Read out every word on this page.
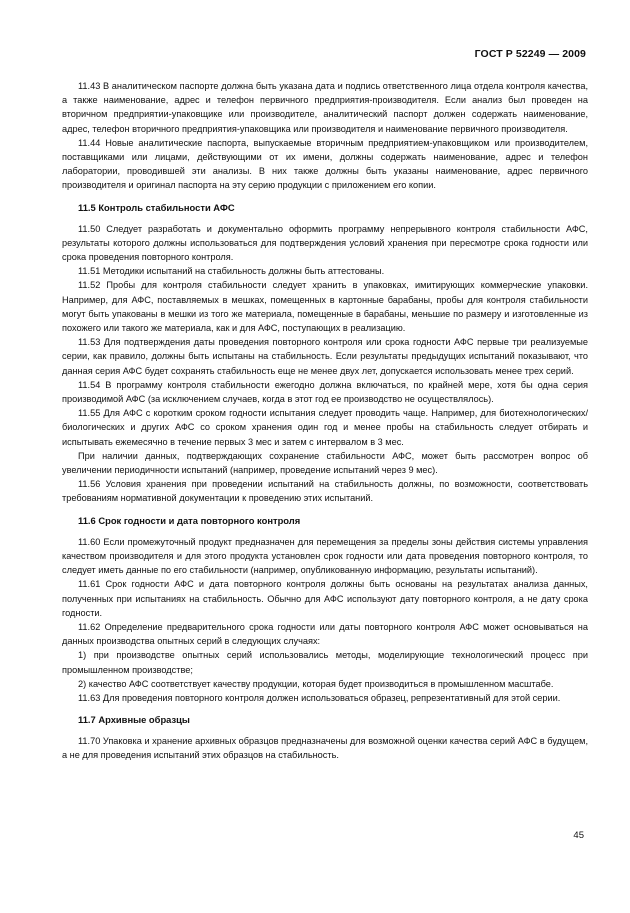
ГОСТ Р 52249 — 2009

11.43 В аналитическом паспорте должна быть указана дата и подпись ответственного лица отдела контроля качества, а также наименование, адрес и телефон первичного предприятия-производителя. Если анализ был проведен на вторичном предприятии-упаковщике или производителе, аналитический паспорт должен содержать наименование, адрес, телефон вторичного предприятия-упаковщика или производителя и наименование первичного производителя.

11.44 Новые аналитические паспорта, выпускаемые вторичным предприятием-упаковщиком или производителем, поставщиками или лицами, действующими от их имени, должны содержать наименование, адрес и телефон лаборатории, проводившей эти анализы. В них также должны быть указаны наименование, адрес первичного производителя и оригинал паспорта на эту серию продукции с приложением его копии.

11.5 Контроль стабильности АФС

11.50 Следует разработать и документально оформить программу непрерывного контроля стабильности АФС, результаты которого должны использоваться для подтверждения условий хранения при пересмотре срока годности или срока проведения повторного контроля.

11.51 Методики испытаний на стабильность должны быть аттестованы.

11.52 Пробы для контроля стабильности следует хранить в упаковках, имитирующих коммерческие упаковки. Например, для АФС, поставляемых в мешках, помещенных в картонные барабаны, пробы для контроля стабильности могут быть упакованы в мешки из того же материала, помещенные в барабаны, меньшие по размеру и изготовленные из похожего или такого же материала, как и для АФС, поступающих в реализацию.

11.53 Для подтверждения даты проведения повторного контроля или срока годности АФС первые три реализуемые серии, как правило, должны быть испытаны на стабильность. Если результаты предыдущих испытаний показывают, что данная серия АФС будет сохранять стабильность еще не менее двух лет, допускается использовать менее трех серий.

11.54 В программу контроля стабильности ежегодно должна включаться, по крайней мере, хотя бы одна серия производимой АФС (за исключением случаев, когда в этот год ее производство не осуществлялось).

11.55 Для АФС с коротким сроком годности испытания следует проводить чаще. Например, для биотехнологических/биологических и других АФС со сроком хранения один год и менее пробы на стабильность следует отбирать и испытывать ежемесячно в течение первых 3 мес и затем с интервалом в 3 мес.

При наличии данных, подтверждающих сохранение стабильности АФС, может быть рассмотрен вопрос об увеличении периодичности испытаний (например, проведение испытаний через 9 мес).

11.56 Условия хранения при проведении испытаний на стабильность должны, по возможности, соответствовать требованиям нормативной документации к проведению этих испытаний.

11.6 Срок годности и дата повторного контроля

11.60 Если промежуточный продукт предназначен для перемещения за пределы зоны действия системы управления качеством производителя и для этого продукта установлен срок годности или дата проведения повторного контроля, то следует иметь данные по его стабильности (например, опубликованную информацию, результаты испытаний).

11.61 Срок годности АФС и дата повторного контроля должны быть основаны на результатах анализа данных, полученных при испытаниях на стабильность. Обычно для АФС используют дату повторного контроля, а не дату срока годности.

11.62 Определение предварительного срока годности или даты повторного контроля АФС может основываться на данных производства опытных серий в следующих случаях:

1) при производстве опытных серий использовались методы, моделирующие технологический процесс при промышленном производстве;

2) качество АФС соответствует качеству продукции, которая будет производиться в промышленном масштабе.

11.63 Для проведения повторного контроля должен использоваться образец, репрезентативный для этой серии.

11.7 Архивные образцы

11.70 Упаковка и хранение архивных образцов предназначены для возможной оценки качества серий АФС в будущем, а не для проведения испытаний этих образцов на стабильность.

45
